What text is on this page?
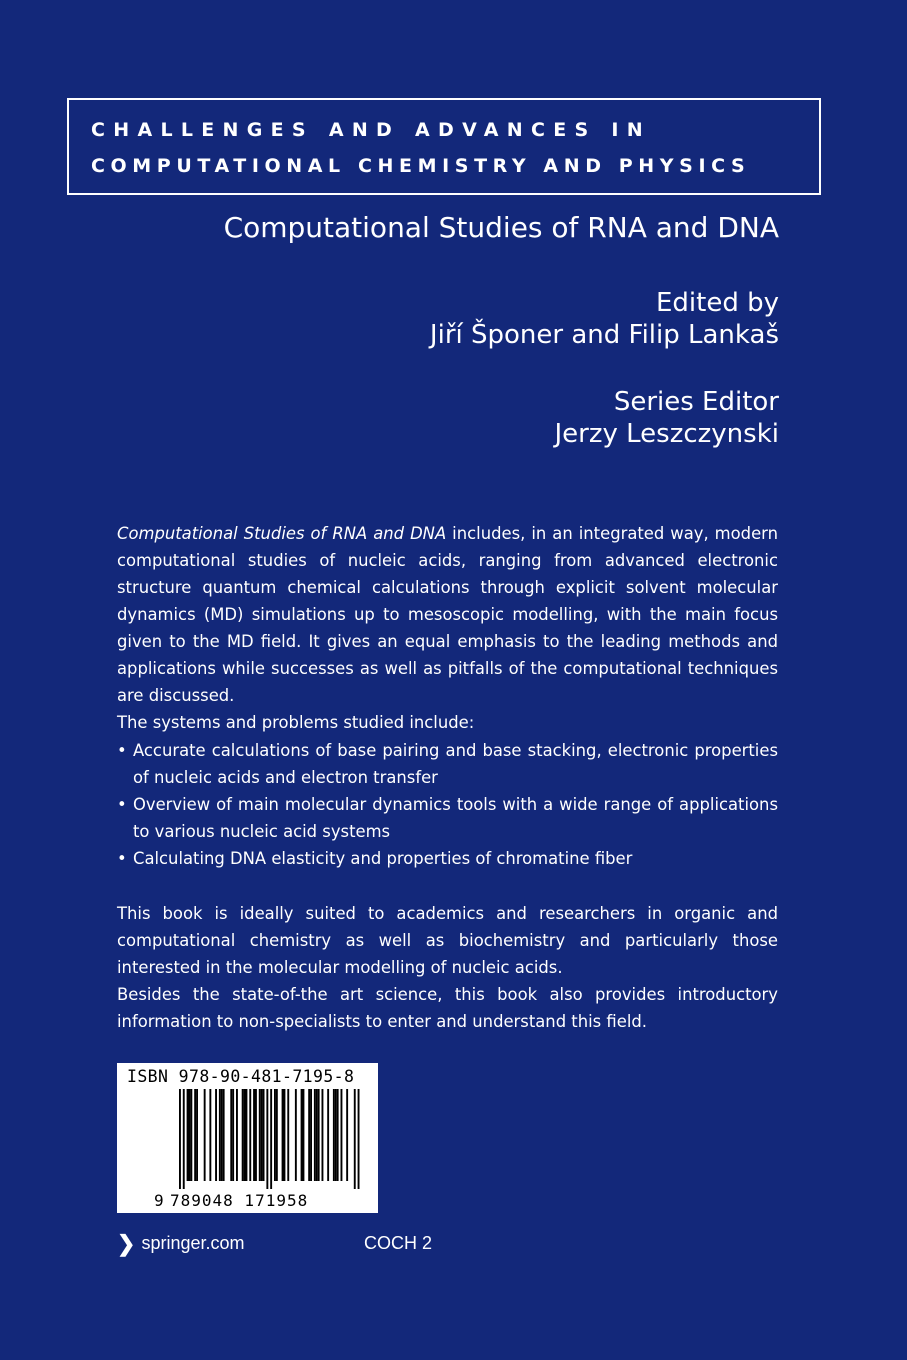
CHALLENGES AND ADVANCES IN
COMPUTATIONAL CHEMISTRY AND PHYSICS
Computational Studies of RNA and DNA
Edited by
Jiří Šponer and Filip Lankaš
Series Editor
Jerzy Leszczynski

Computational Studies of RNA and DNA includes, in an integrated way, modern computational studies of nucleic acids, ranging from advanced electronic structure quantum chemical calculations through explicit solvent molecular dynamics (MD) simulations up to mesoscopic modelling, with the main focus given to the MD field. It gives an equal emphasis to the leading methods and applications while successes as well as pitfalls of the computational techniques are discussed.

The systems and problems studied include:

• Accurate calculations of base pairing and base stacking, electronic properties of nucleic acids and electron transfer
• Overview of main molecular dynamics tools with a wide range of applications to various nucleic acid systems
• Calculating DNA elasticity and properties of chromatine fiber

This book is ideally suited to academics and researchers in organic and computational chemistry as well as biochemistry and particularly those interested in the molecular modelling of nucleic acids.

Besides the state-of-the art science, this book also provides introductory information to non-specialists to enter and understand this field.

ISBN 978-90-481-7195-8
9 789048 171958
❯ springer.com	COCH 2
